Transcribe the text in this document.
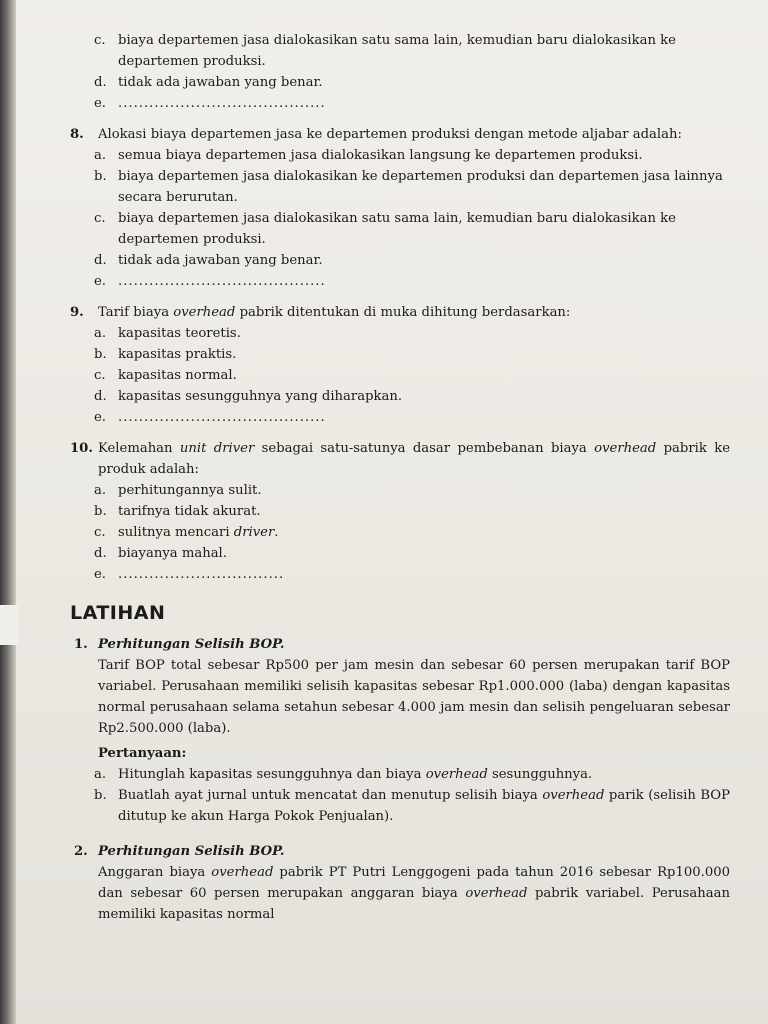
c. biaya departemen jasa dialokasikan satu sama lain, kemudian baru dialokasikan ke departemen produksi.
d. tidak ada jawaban yang benar.
e. ........................................
8. Alokasi biaya departemen jasa ke departemen produksi dengan metode aljabar adalah:
a. semua biaya departemen jasa dialokasikan langsung ke departemen produksi.
b. biaya departemen jasa dialokasikan ke departemen produksi dan departemen jasa lainnya secara berurutan.
c. biaya departemen jasa dialokasikan satu sama lain, kemudian baru dialokasikan ke departemen produksi.
d. tidak ada jawaban yang benar.
e. ........................................
9. Tarif biaya overhead pabrik ditentukan di muka dihitung berdasarkan:
a. kapasitas teoretis.
b. kapasitas praktis.
c. kapasitas normal.
d. kapasitas sesungguhnya yang diharapkan.
e. ........................................
10. Kelemahan unit driver sebagai satu-satunya dasar pembebanan biaya overhead pabrik ke produk adalah:
a. perhitungannya sulit.
b. tarifnya tidak akurat.
c. sulitnya mencari driver.
d. biayanya mahal.
e. ................................
LATIHAN
1. Perhitungan Selisih BOP.
Tarif BOP total sebesar Rp500 per jam mesin dan sebesar 60 persen merupakan tarif BOP variabel. Perusahaan memiliki selisih kapasitas sebesar Rp1.000.000 (laba) dengan kapasitas normal perusahaan selama setahun sebesar 4.000 jam mesin dan selisih pengeluaran sebesar Rp2.500.000 (laba).
Pertanyaan:
a. Hitunglah kapasitas sesungguhnya dan biaya overhead sesungguhnya.
b. Buatlah ayat jurnal untuk mencatat dan menutup selisih biaya overhead parik (selisih BOP ditutup ke akun Harga Pokok Penjualan).
2. Perhitungan Selisih BOP.
Anggaran biaya overhead pabrik PT Putri Lenggogeni pada tahun 2016 sebesar Rp100.000 dan sebesar 60 persen merupakan anggaran biaya overhead pabrik variabel. Perusahaan memiliki kapasitas normal
